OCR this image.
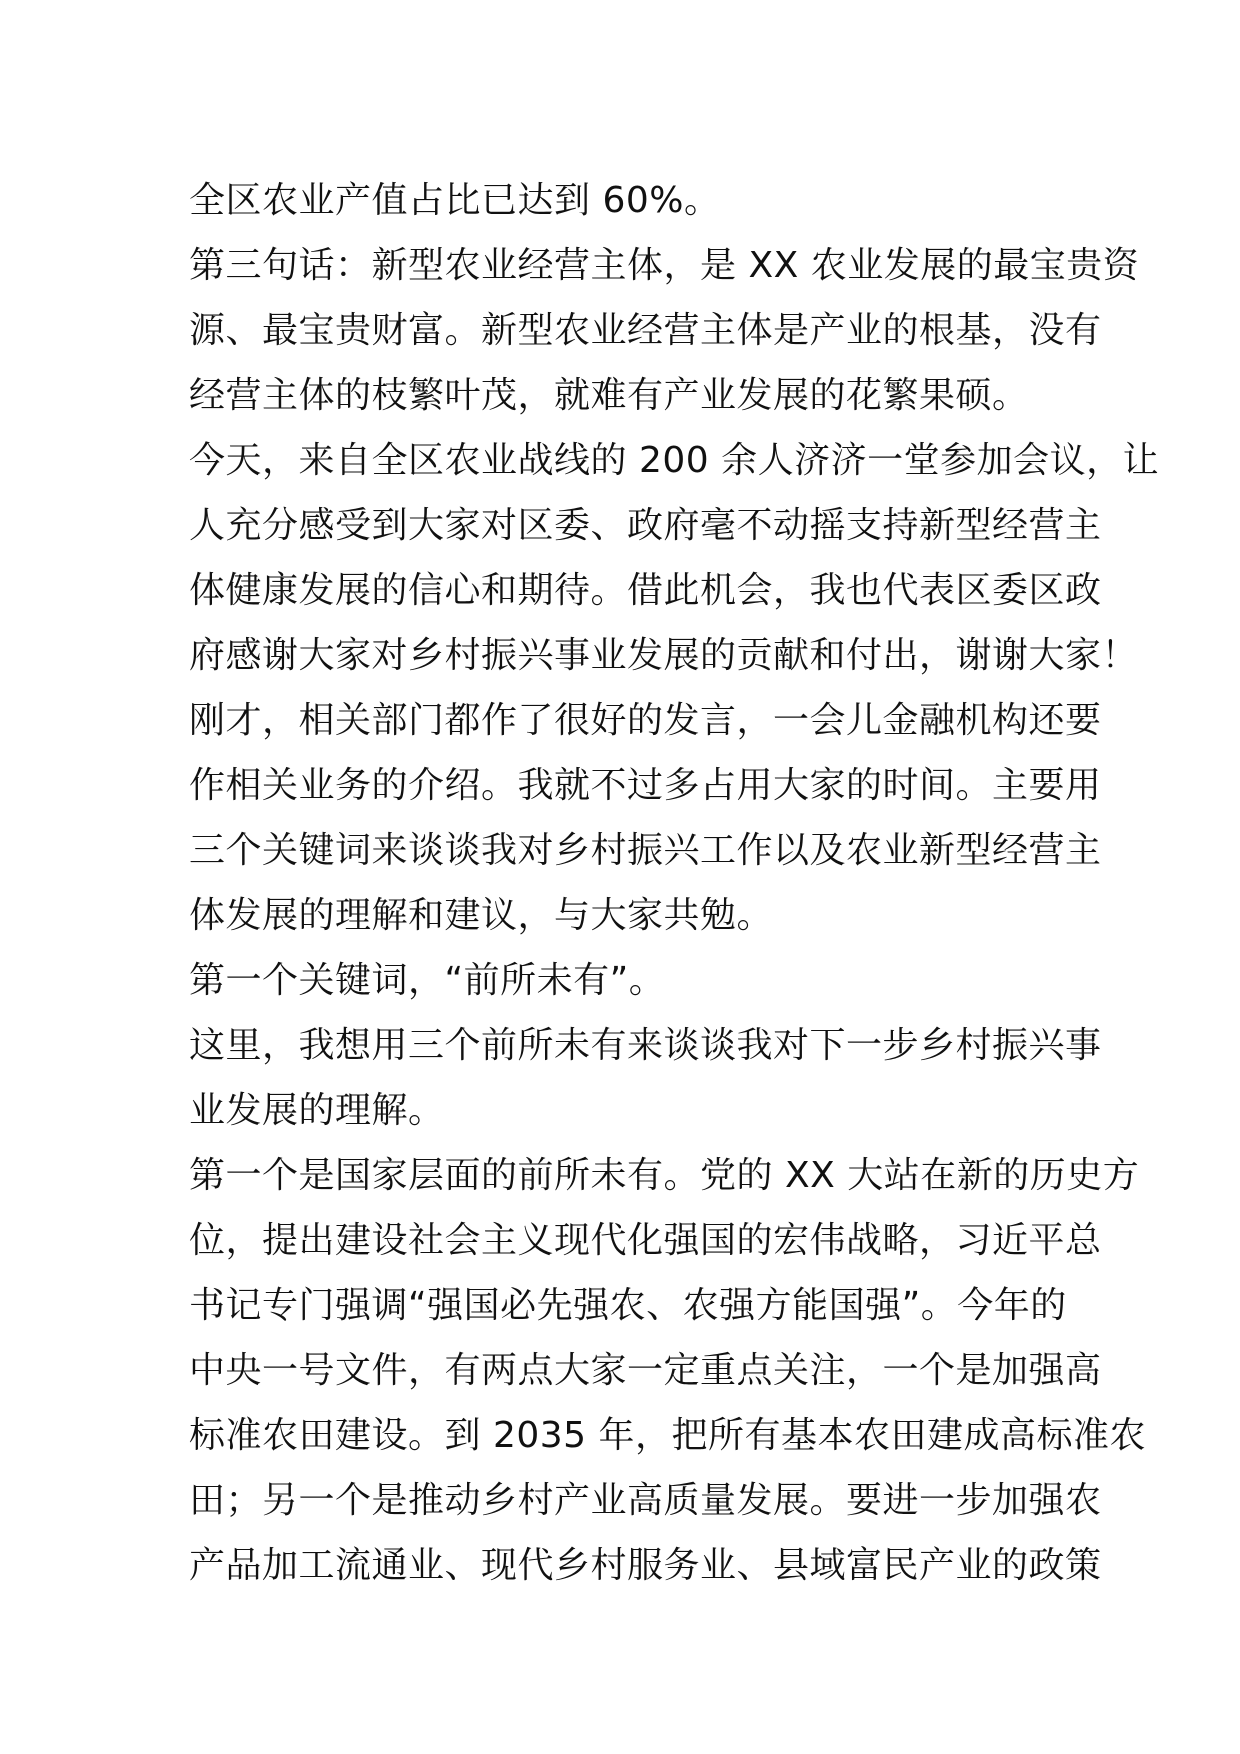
全区农业产值占比已达到 60%。
第三句话：新型农业经营主体，是 XX 农业发展的最宝贵资
源、最宝贵财富。新型农业经营主体是产业的根基，没有
经营主体的枝繁叶茂，就难有产业发展的花繁果硕。
今天，来自全区农业战线的 200 余人济济一堂参加会议，让
人充分感受到大家对区委、政府毫不动摇支持新型经营主
体健康发展的信心和期待。借此机会，我也代表区委区政
府感谢大家对乡村振兴事业发展的贡献和付出，谢谢大家！
刚才，相关部门都作了很好的发言，一会儿金融机构还要
作相关业务的介绍。我就不过多占用大家的时间。主要用
三个关键词来谈谈我对乡村振兴工作以及农业新型经营主
体发展的理解和建议，与大家共勉。
第一个关键词，“前所未有”。
这里，我想用三个前所未有来谈谈我对下一步乡村振兴事
业发展的理解。
第一个是国家层面的前所未有。党的 XX 大站在新的历史方
位，提出建设社会主义现代化强国的宏伟战略，习近平总
书记专门强调“强国必先强农、农强方能国强”。今年的
中央一号文件，有两点大家一定重点关注，一个是加强高
标准农田建设。到 2035 年，把所有基本农田建成高标准农
田；另一个是推动乡村产业高质量发展。要进一步加强农
产品加工流通业、现代乡村服务业、县域富民产业的政策
